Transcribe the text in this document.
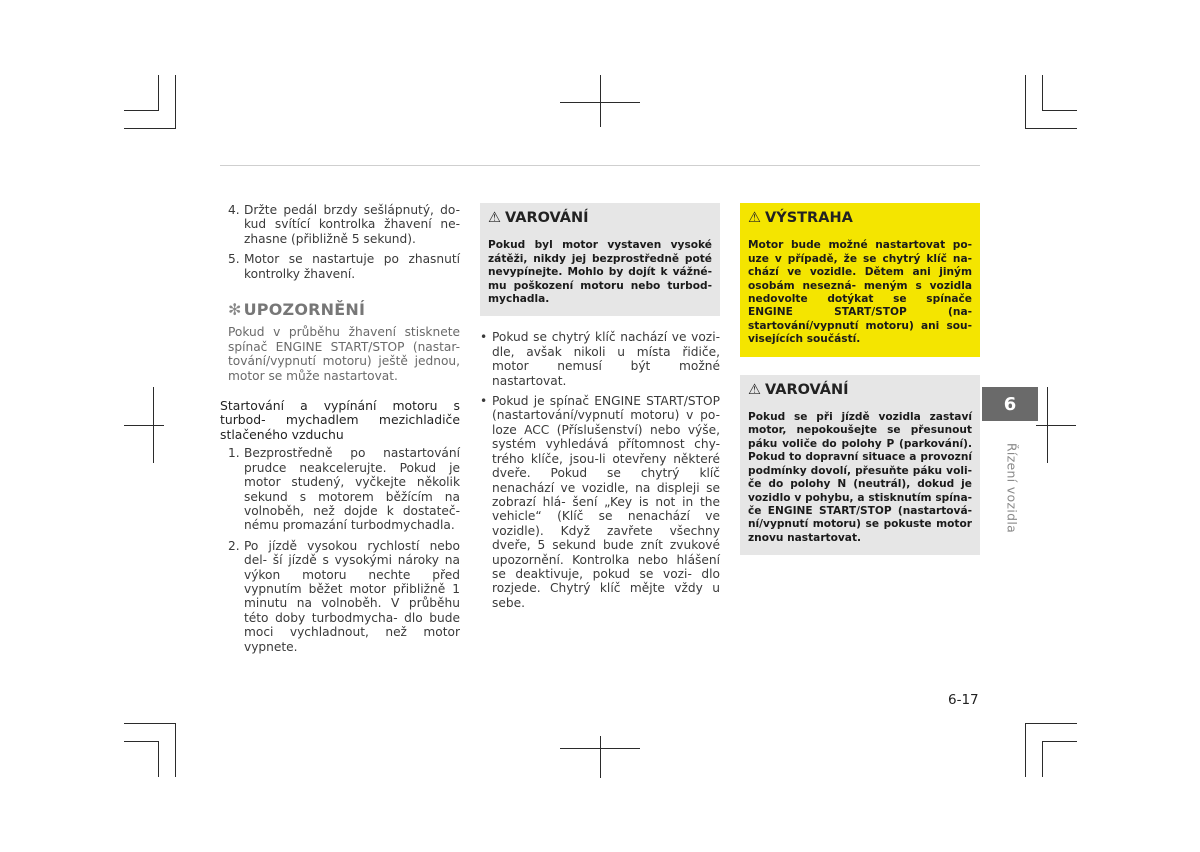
4. Držte pedál brzdy sešlápnutý, do- kud svítící kontrolka žhavení ne- zhasne (přibližně 5 sekund).
5. Motor se nastartuje po zhasnutí kontrolky žhavení.
✻ UPOZORNĚNÍ
Pokud v průběhu žhavení stisknete spínač ENGINE START/STOP (nastar- tování/vypnutí motoru) ještě jednou, motor se může nastartovat.
Startování a vypínání motoru s turbod- mychadlem mezichladiče stlačeného vzduchu
1. Bezprostředně po nastartování prudce neakcelerujte. Pokud je motor studený, vyčkejte několik sekund s motorem běžícím na volnoběh, než dojde k dostateč- nému promazání turbodmychadla.
2. Po jízdě vysokou rychlostí nebo del- ší jízdě s vysokými nároky na výkon motoru nechte před vypnutím běžet motor přibližně 1 minutu na volnoběh. V průběhu této doby turbodmycha- dlo bude moci vychladnout, než motor vypnete.
⚠ VAROVÁNÍ
Pokud byl motor vystaven vysoké zátěži, nikdy jej bezprostředně poté nevypínejte. Mohlo by dojít k vážné- mu poškození motoru nebo turbod- mychadla.
• Pokud se chytrý klíč nachází ve vozi- dle, avšak nikoli u místa řidiče, motor nemusí být možné nastartovat.
• Pokud je spínač ENGINE START/STOP (nastartování/vypnutí motoru) v po- loze ACC (Příslušenství) nebo výše, systém vyhledává přítomnost chy- trého klíče, jsou-li otevřeny některé dveře. Pokud se chytrý klíč nenachází ve vozidle, na displeji se zobrazí hlá- šení „Key is not in the vehicle“ (Klíč se nenachází ve vozidle). Když zavřete všechny dveře, 5 sekund bude znít zvukové upozornění. Kontrolka nebo hlášení se deaktivuje, pokud se vozi- dlo rozjede. Chytrý klíč mějte vždy u sebe.
⚠ VÝSTRAHA
Motor bude možné nastartovat po- uze v případě, že se chytrý klíč na- chází ve vozidle. Dětem ani jiným osobám nesezná- meným s vozidla nedovolte dotýkat se spínače ENGINE START/STOP (na- startování/vypnutí motoru) ani sou- visejících součástí.
⚠ VAROVÁNÍ
Pokud se při jízdě vozidla zastaví motor, nepokoušejte se přesunout páku voliče do polohy P (parkování). Pokud to dopravní situace a provozní podmínky dovolí, přesuňte páku voli- če do polohy N (neutrál), dokud je vozidlo v pohybu, a stisknutím spína- če ENGINE START/STOP (nastartová- ní/vypnutí motoru) se pokuste motor znovu nastartovat.
6
Řízení vozidla
6-17
